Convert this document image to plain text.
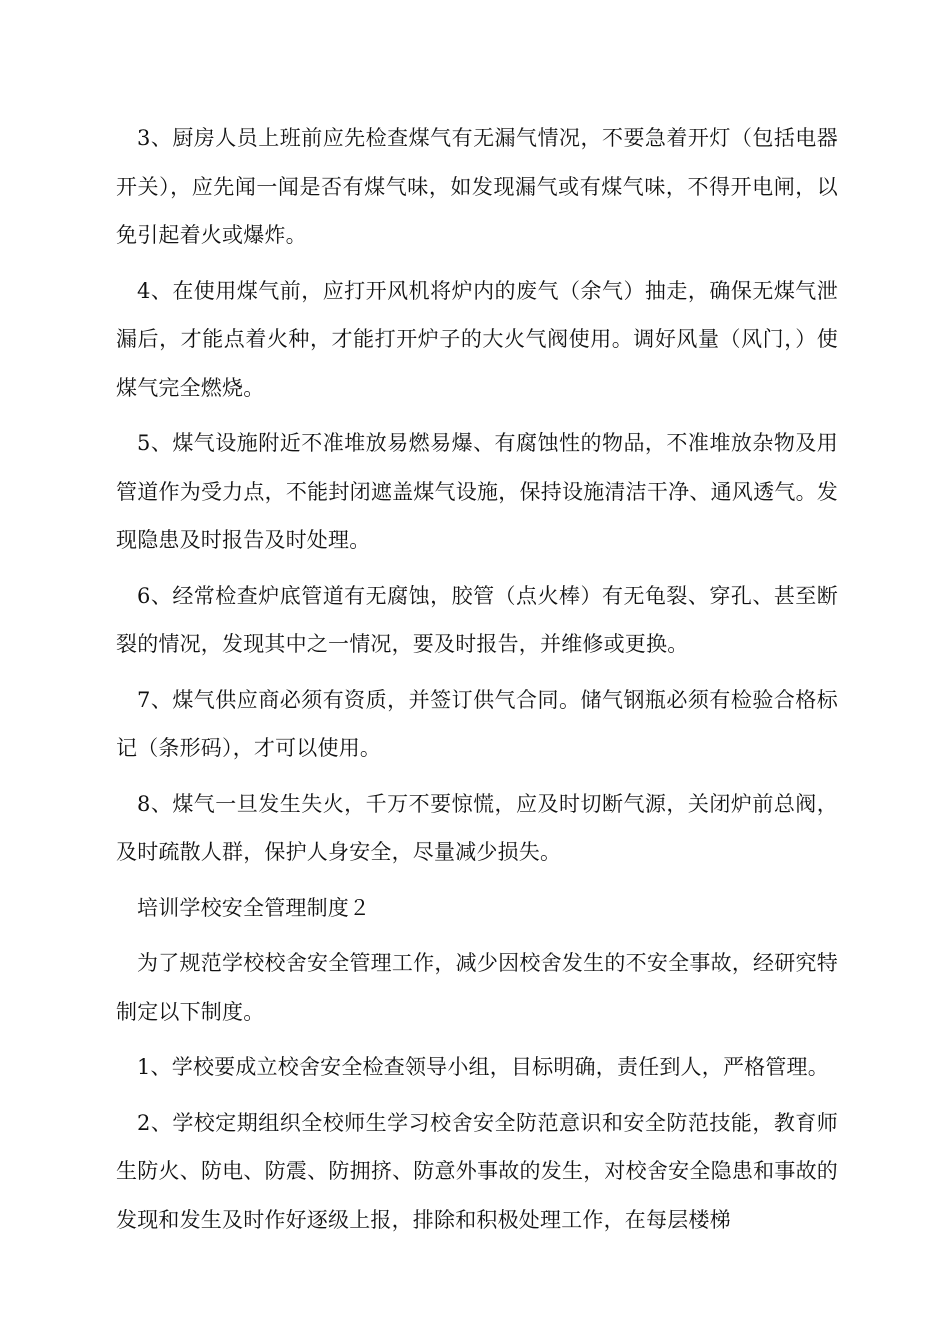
3、厨房人员上班前应先检查煤气有无漏气情况，不要急着开灯（包括电器开关），应先闻一闻是否有煤气味，如发现漏气或有煤气味，不得开电闸，以免引起着火或爆炸。

4、在使用煤气前，应打开风机将炉内的废气（余气）抽走，确保无煤气泄漏后，才能点着火种，才能打开炉子的大火气阀使用。调好风量（风门，）使煤气完全燃烧。

5、煤气设施附近不准堆放易燃易爆、有腐蚀性的物品，不准堆放杂物及用管道作为受力点，不能封闭遮盖煤气设施，保持设施清洁干净、通风透气。发现隐患及时报告及时处理。

6、经常检查炉底管道有无腐蚀，胶管（点火棒）有无龟裂、穿孔、甚至断裂的情况，发现其中之一情况，要及时报告，并维修或更换。

7、煤气供应商必须有资质，并签订供气合同。储气钢瓶必须有检验合格标记（条形码），才可以使用。

8、煤气一旦发生失火，千万不要惊慌，应及时切断气源，关闭炉前总阀，及时疏散人群，保护人身安全，尽量减少损失。

培训学校安全管理制度２

为了规范学校校舍安全管理工作，减少因校舍发生的不安全事故，经研究特制定以下制度。

1、学校要成立校舍安全检查领导小组，目标明确，责任到人，严格管理。

2、学校定期组织全校师生学习校舍安全防范意识和安全防范技能，教育师生防火、防电、防震、防拥挤、防意外事故的发生，对校舍安全隐患和事故的发现和发生及时作好逐级上报，排除和积极处理工作，在每层楼梯
